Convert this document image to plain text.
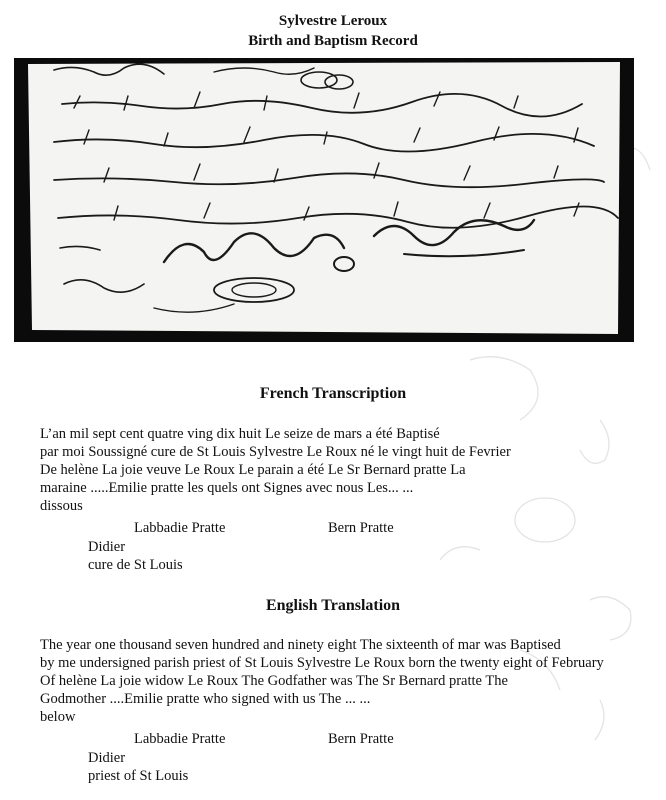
Sylvestre Leroux
Birth and Baptism Record
French Transcription
L’an mil sept cent quatre ving dix huit Le seize de mars a été Baptisé
par moi Soussigné cure de St Louis Sylvestre Le Roux né le vingt huit de Fevrier
De helène La joie veuve Le Roux Le parain a été Le Sr Bernard pratte La
maraine .....Emilie pratte les quels ont Signes avec nous Les... ...
dissous
Labbadie Pratte	Bern Pratte
Didier
cure de St Louis
English Translation
The year one thousand seven hundred and ninety eight The sixteenth of mar was Baptised
by me undersigned parish priest of St Louis Sylvestre Le Roux born the twenty eight of February
Of helène La joie widow Le Roux The Godfather was The Sr Bernard pratte The
Godmother ....Emilie pratte who signed with us The ... ...
below
Labbadie Pratte	Bern Pratte
Didier
priest of St Louis
